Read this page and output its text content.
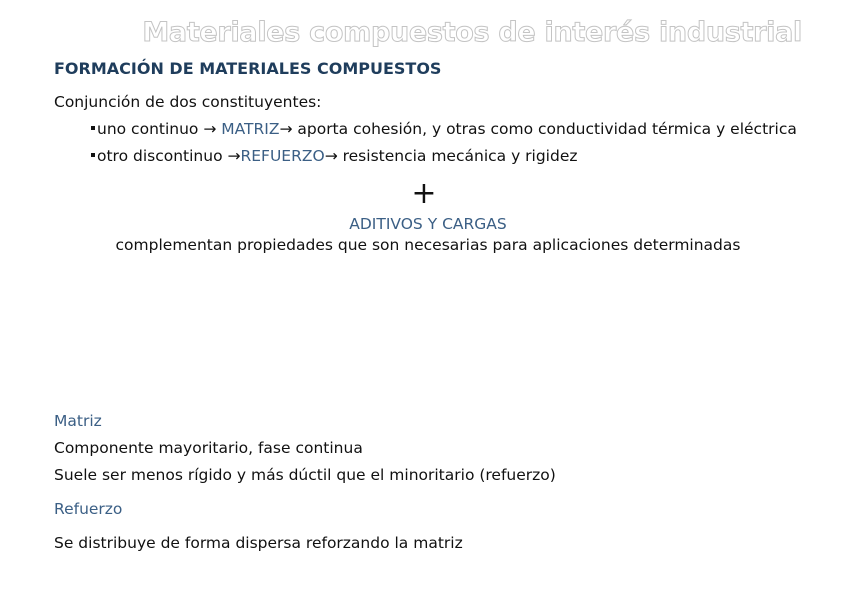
Materiales compuestos de interés industrial
FORMACIÓN DE MATERIALES COMPUESTOS
Conjunción de dos constituyentes:
uno continuo → MATRIZ→ aporta cohesión, y otras como conductividad térmica y eléctrica
otro discontinuo →REFUERZO→ resistencia mecánica y rigidez
+
ADITIVOS Y CARGAS
complementan propiedades que son necesarias para aplicaciones determinadas
Matriz
Componente mayoritario, fase continua
Suele ser menos rígido y más dúctil que el minoritario (refuerzo)
Refuerzo
Se distribuye de forma dispersa reforzando la matriz
